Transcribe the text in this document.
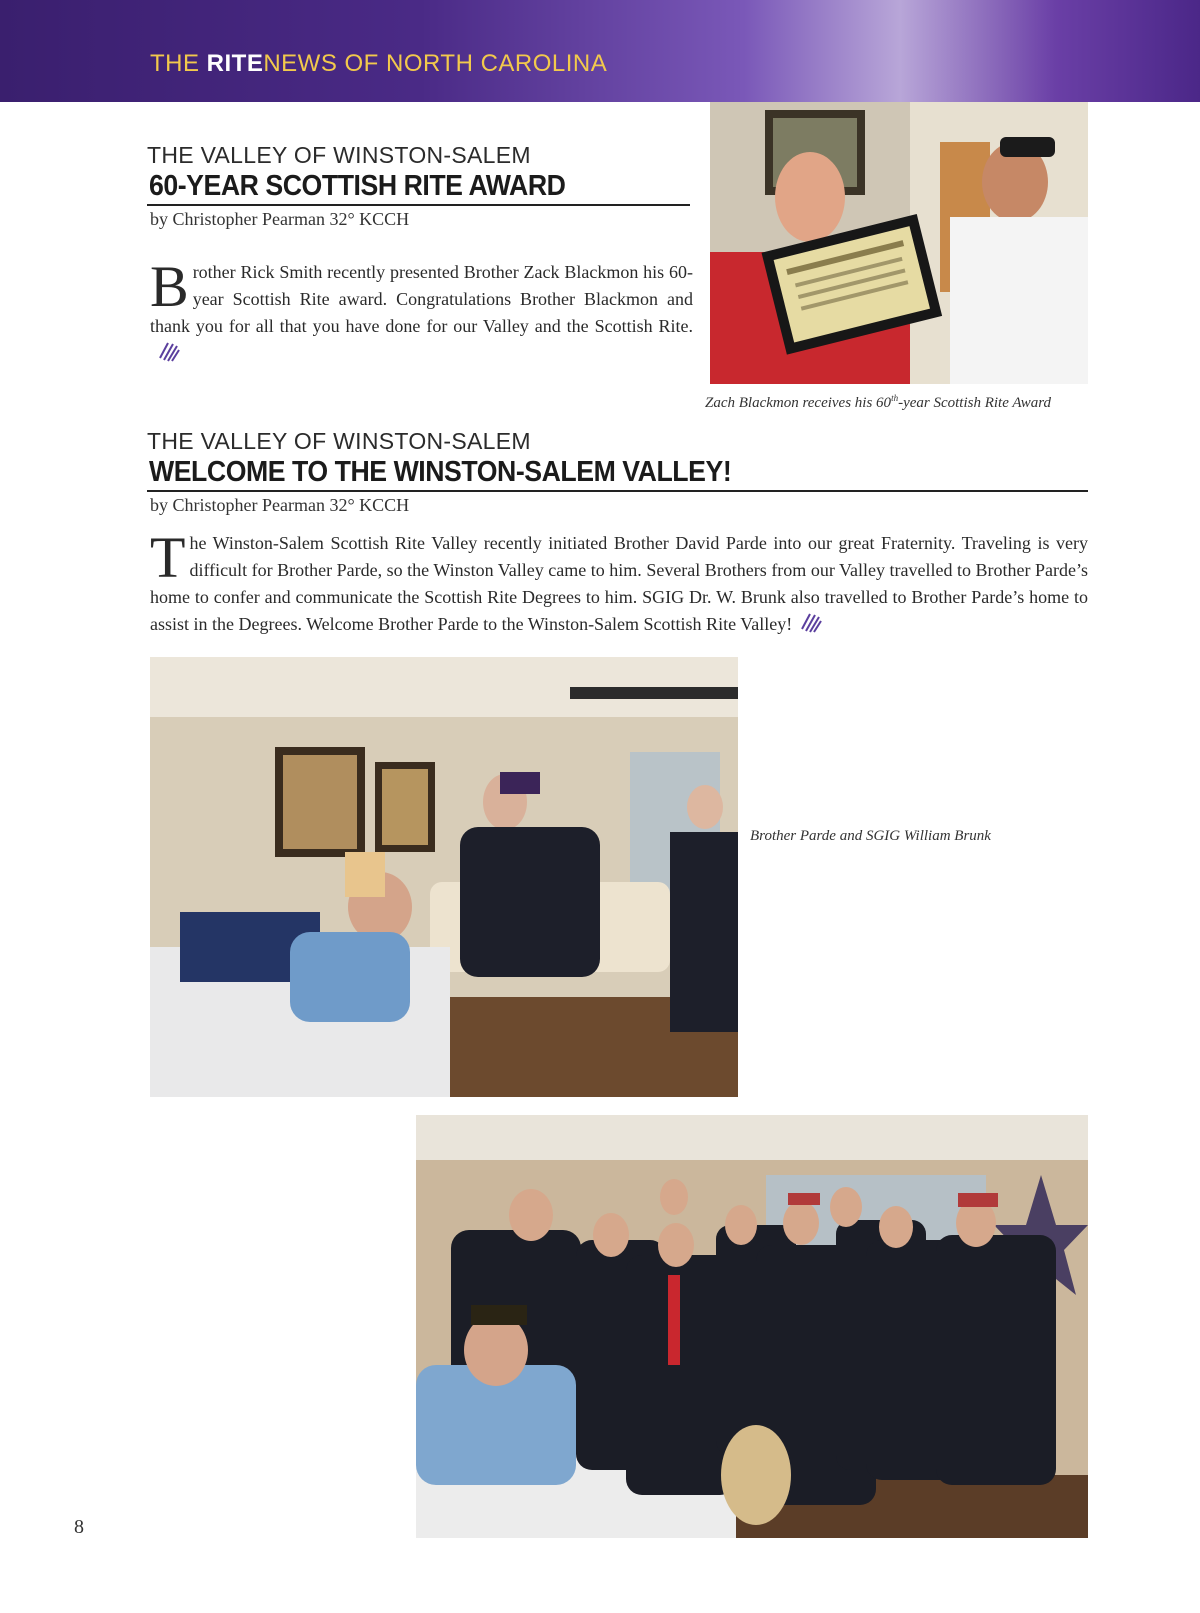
THE RITENEWS OF NORTH CAROLINA
THE VALLEY OF WINSTON-SALEM
60-YEAR SCOTTISH RITE AWARD
by Christopher Pearman 32° KCCH
Brother Rick Smith recently presented Brother Zack Blackmon his 60-year Scottish Rite award. Congratulations Brother Blackmon and thank you for all that you have done for our Valley and the Scottish Rite.
Zach Blackmon receives his 60th-year Scottish Rite Award
THE VALLEY OF WINSTON-SALEM
WELCOME TO THE WINSTON-SALEM VALLEY!
by Christopher Pearman 32° KCCH
The Winston-Salem Scottish Rite Valley recently initiated Brother David Parde into our great Fraternity. Traveling is very difficult for Brother Parde, so the Winston Valley came to him. Several Brothers from our Valley travelled to Brother Parde’s home to confer and communicate the Scottish Rite Degrees to him. SGIG Dr. W. Brunk also travelled to Brother Parde’s home to assist in the Degrees. Welcome Brother Parde to the Winston-Salem Scottish Rite Valley!
Brother Parde and SGIG William Brunk
8
